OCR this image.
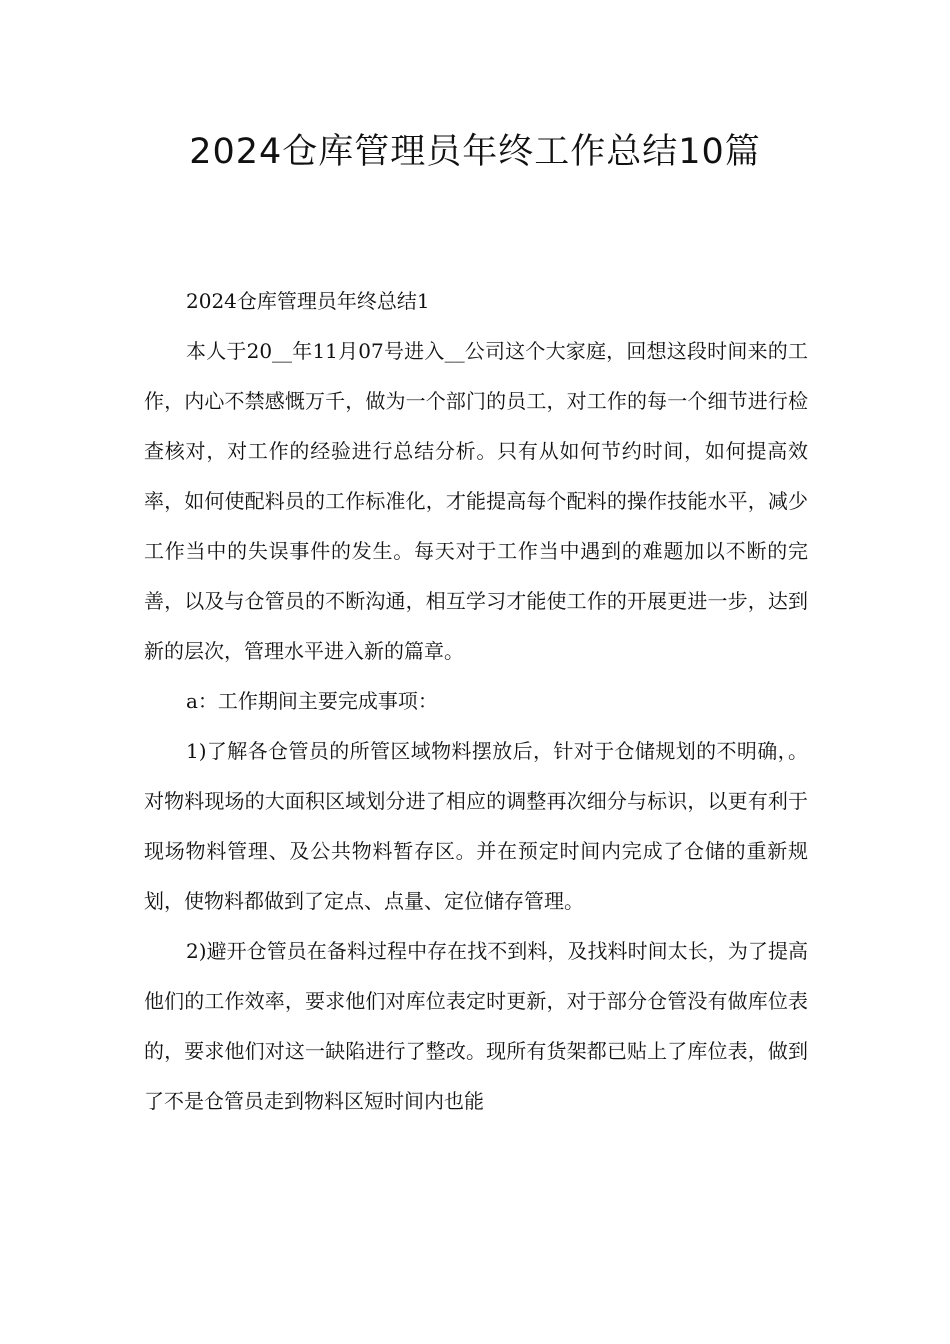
2024仓库管理员年终工作总结10篇

2024仓库管理员年终总结1

本人于20__年11月07号进入__公司这个大家庭，回想这段时间来的工作，内心不禁感慨万千，做为一个部门的员工，对工作的每一个细节进行检查核对，对工作的经验进行总结分析。只有从如何节约时间，如何提高效率，如何使配料员的工作标准化，才能提高每个配料的操作技能水平，减少工作当中的失误事件的发生。每天对于工作当中遇到的难题加以不断的完善，以及与仓管员的不断沟通，相互学习才能使工作的开展更进一步，达到新的层次，管理水平进入新的篇章。

a：工作期间主要完成事项：

1)了解各仓管员的所管区域物料摆放后，针对于仓储规划的不明确，。对物料现场的大面积区域划分进了相应的调整再次细分与标识，以更有利于现场物料管理、及公共物料暂存区。并在预定时间内完成了仓储的重新规划，使物料都做到了定点、点量、定位储存管理。

2)避开仓管员在备料过程中存在找不到料，及找料时间太长，为了提高他们的工作效率，要求他们对库位表定时更新，对于部分仓管没有做库位表的，要求他们对这一缺陷进行了整改。现所有货架都已贴上了库位表，做到了不是仓管员走到物料区短时间内也能
